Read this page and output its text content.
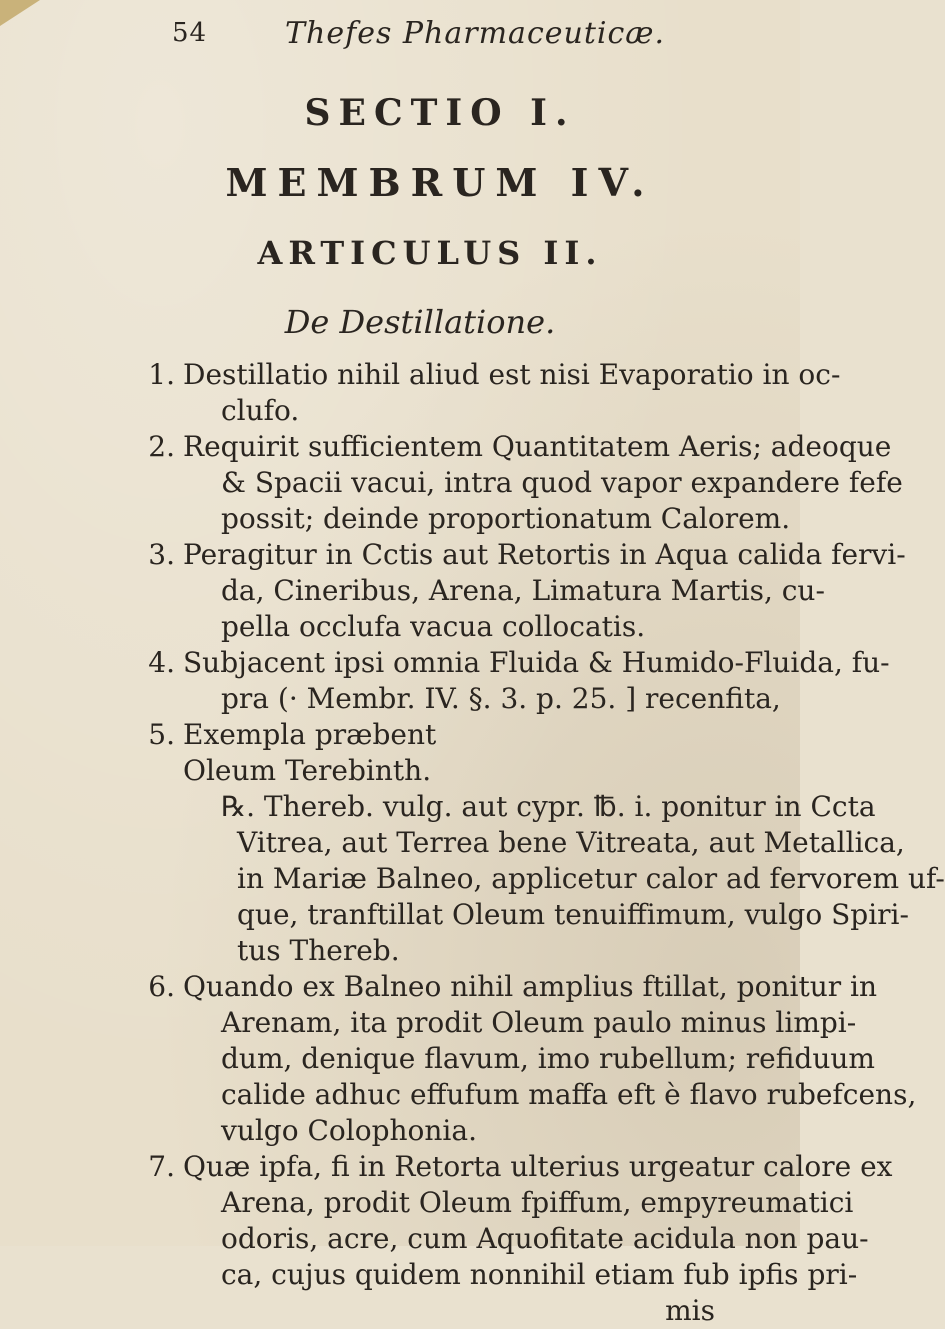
54	Thefes Pharmaceuticæ.
SECTIO I.
MEMBRUM IV.
ARTICULUS II.
De Destillatione.
1. Destillatio nihil aliud est nisi Evaporatio in oc-
clufo.
2. Requirit sufficientem Quantitatem Aeris; adeoque
& Spacii vacui, intra quod vapor expandere fefe
possit; deinde proportionatum Calorem.
3. Peragitur in Cctis aut Retortis in Aqua calida fervi-
da, Cineribus, Arena, Limatura Martis, cu-
pella occlufa vacua collocatis.
4. Subjacent ipsi omnia Fluida & Humido-Fluida, fu-
pra (· Membr. IV. §. 3. p. 25. ] recenfita,
5. Exempla præbent
Oleum Terebinth.
℞. Thereb. vulg. aut cypr. ℔. i. ponitur in Ccta
Vitrea, aut Terrea bene Vitreata, aut Metallica,
in Mariæ Balneo, applicetur calor ad fervorem uf-
que, tranftillat Oleum tenuiffimum, vulgo Spiri-
tus Thereb.
6. Quando ex Balneo nihil amplius ftillat, ponitur in
Arenam, ita prodit Oleum paulo minus limpi-
dum, denique flavum, imo rubellum; refiduum
calide adhuc effufum maffa eft è flavo rubefcens,
vulgo Colophonia.
7. Quæ ipfa, fi in Retorta ulterius urgeatur calore ex
Arena, prodit Oleum fpiffum, empyreumatici
odoris, acre, cum Aquofitate acidula non pau-
ca, cujus quidem nonnihil etiam fub ipfis pri-
mis
